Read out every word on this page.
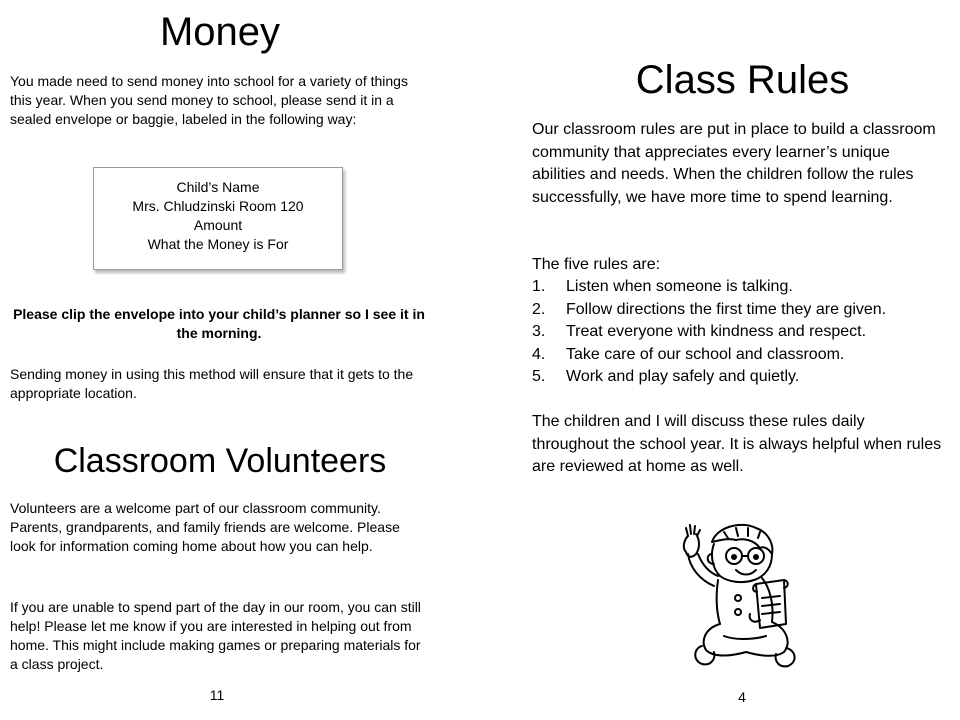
Money

You made need to send money into school for a variety of things this year. When you send money to school, please send it in a sealed envelope or baggie, labeled in the following way:

Child’s Name
Mrs. Chludzinski Room 120
Amount
What the Money is For

Please clip the envelope into your child’s planner so I see it in the morning.

Sending money in using this method will ensure that it gets to the appropriate location.

Classroom Volunteers

Volunteers are a welcome part of our classroom community. Parents, grandparents, and family friends are welcome. Please look for information coming home about how you can help.

If you are unable to spend part of the day in our room, you can still help! Please let me know if you are interested in helping out from home. This might include making games or preparing materials for a class project.

11
Class Rules

Our classroom rules are put in place to build a classroom community that appreciates every learner’s unique abilities and needs. When the children follow the rules successfully, we have more time to spend learning.

The five rules are:

1. Listen when someone is talking.
2. Follow directions the first time they are given.
3. Treat everyone with kindness and respect.
4. Take care of our school and classroom.
5. Work and play safely and quietly.

The children and I will discuss these rules daily throughout the school year. It is always helpful when rules are reviewed at home as well.

4
